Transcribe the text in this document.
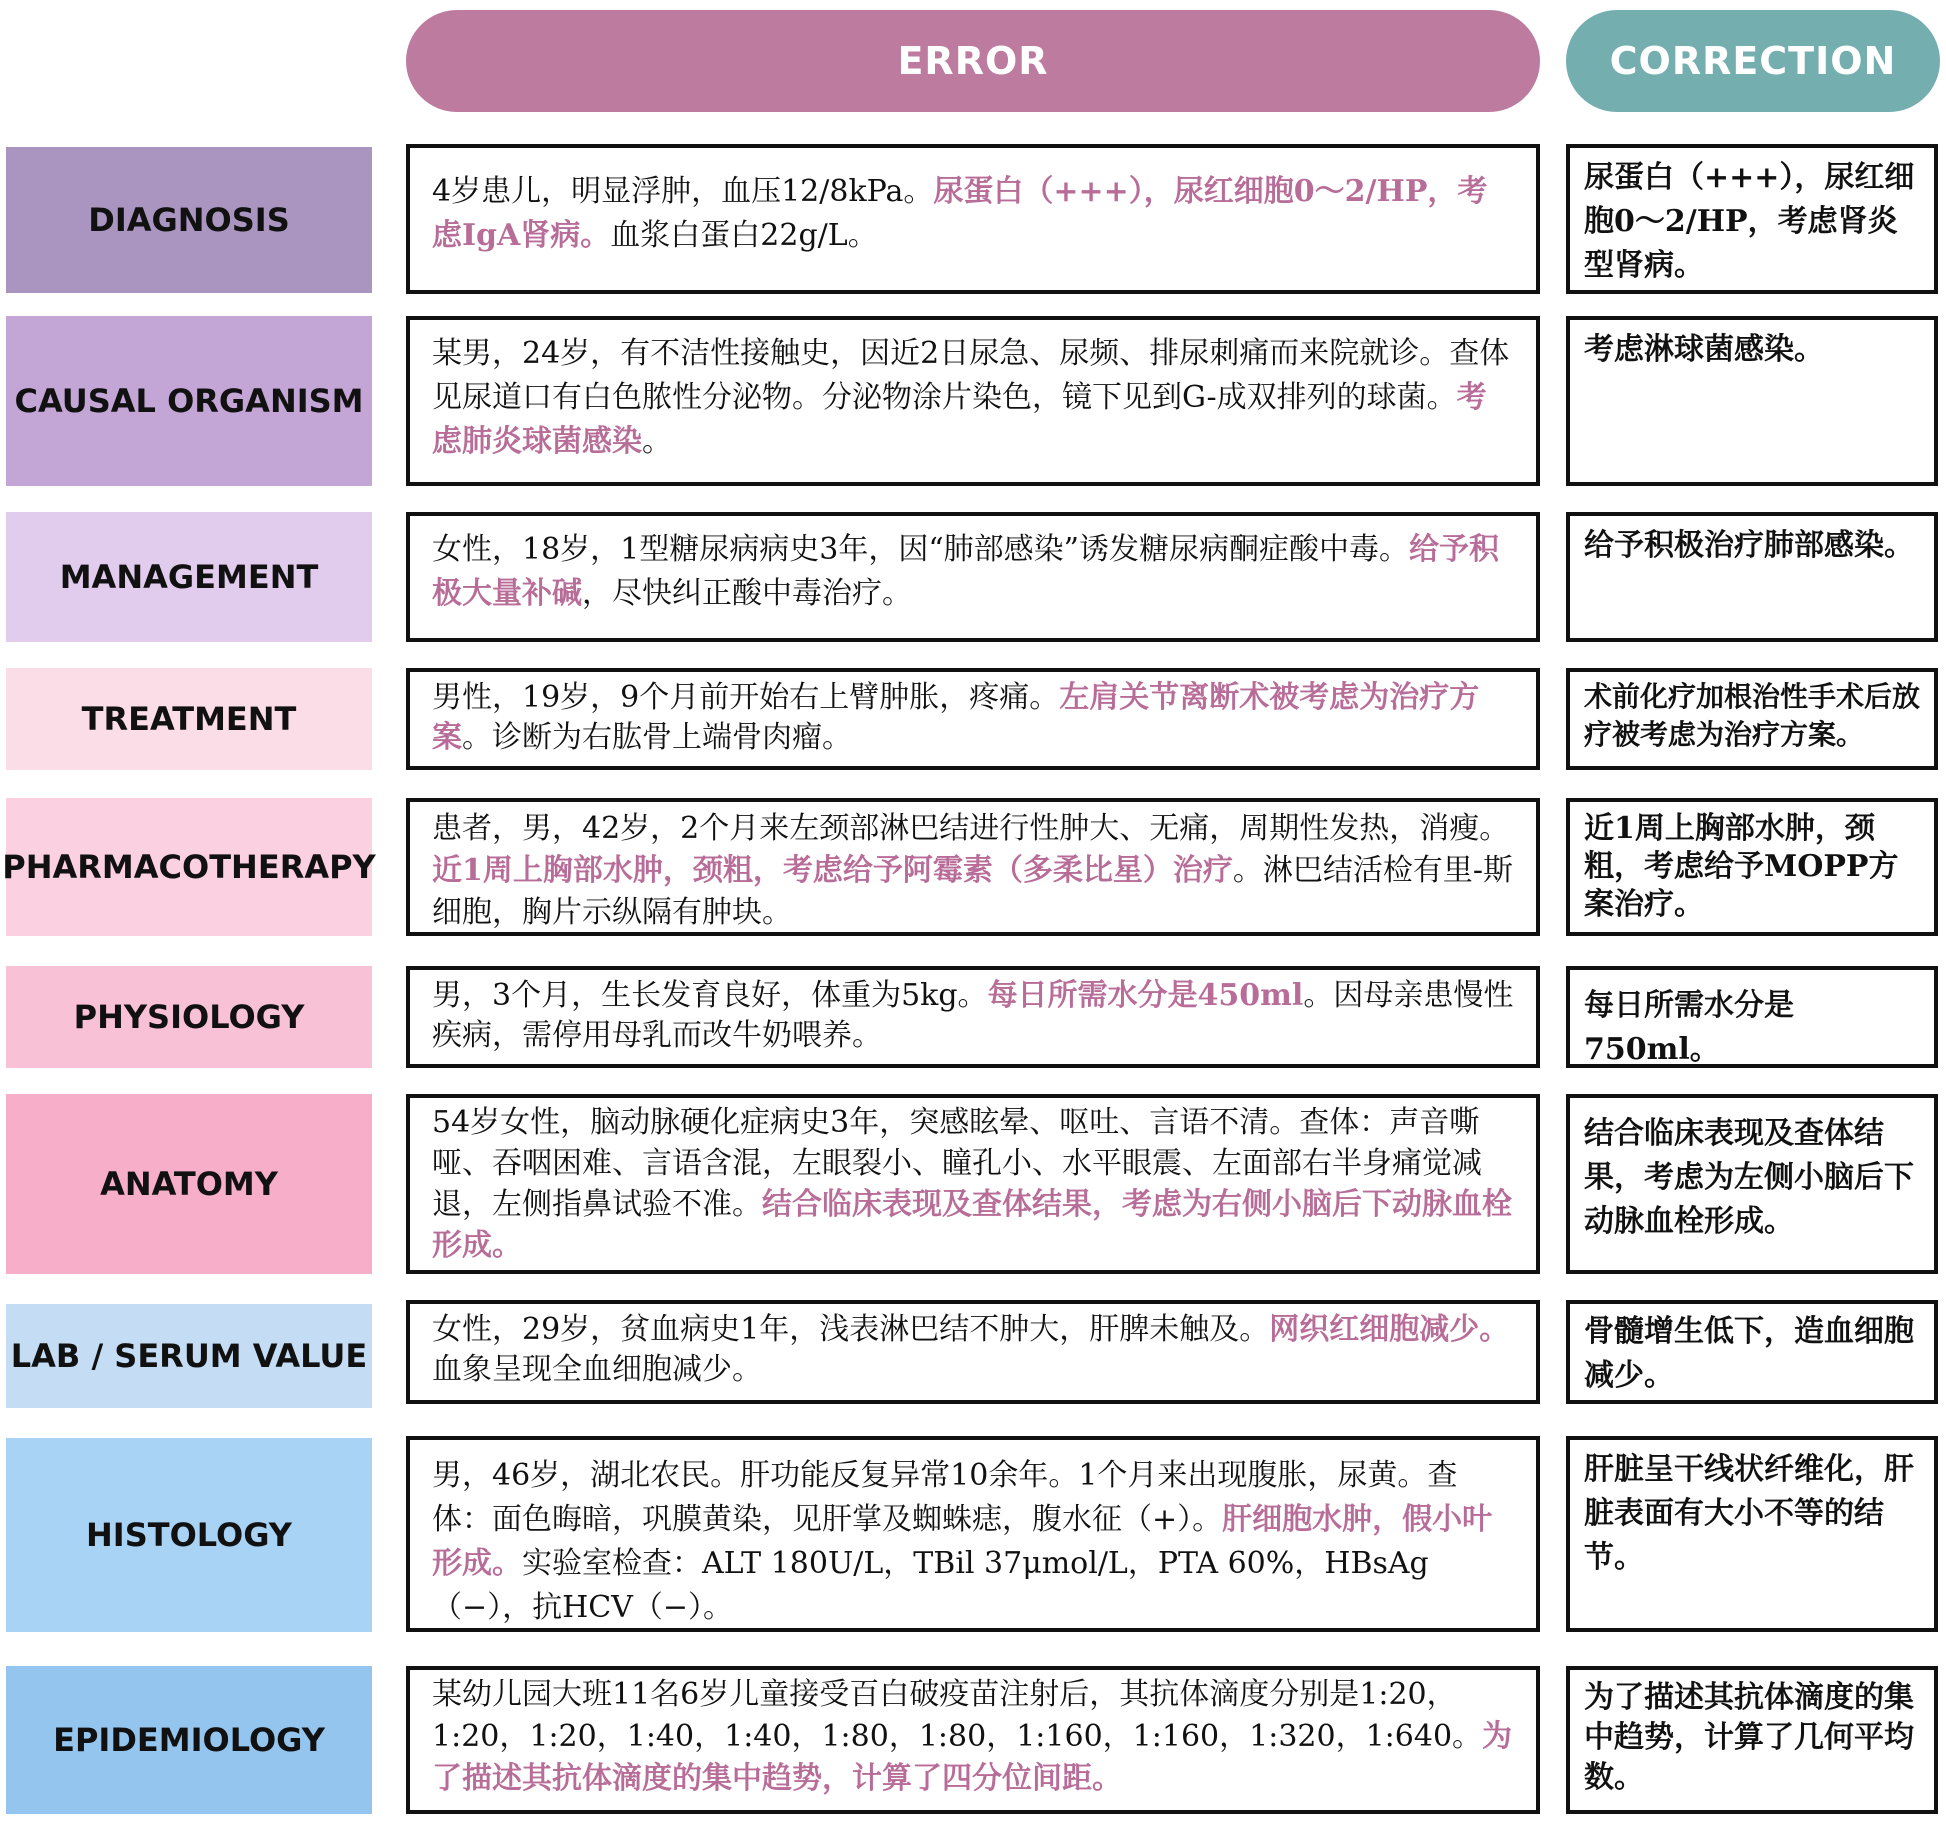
ERROR	CORRECTION
DIAGNOSIS
4岁患儿，明显浮肿，血压12/8kPa。尿蛋白（+++），尿红细胞0～2/HP，考虑IgA肾病。血浆白蛋白22g/L。
尿蛋白（+++），尿红细胞0～2/HP，考虑肾炎型肾病。
CAUSAL ORGANISM
某男，24岁，有不洁性接触史，因近2日尿急、尿频、排尿刺痛而来院就诊。查体见尿道口有白色脓性分泌物。分泌物涂片染色，镜下见到G-成双排列的球菌。考虑肺炎球菌感染。
考虑淋球菌感染。
MANAGEMENT
女性，18岁，1型糖尿病病史3年，因“肺部感染”诱发糖尿病酮症酸中毒。给予积极大量补碱，尽快纠正酸中毒治疗。
给予积极治疗肺部感染。
TREATMENT
男性，19岁，9个月前开始右上臂肿胀，疼痛。左肩关节离断术被考虑为治疗方案。诊断为右肱骨上端骨肉瘤。
术前化疗加根治性手术后放疗被考虑为治疗方案。
PHARMACOTHERAPY
患者，男，42岁，2个月来左颈部淋巴结进行性肿大、无痛，周期性发热，消瘦。近1周上胸部水肿，颈粗，考虑给予阿霉素（多柔比星）治疗。淋巴结活检有里-斯细胞，胸片示纵隔有肿块。
近1周上胸部水肿，颈粗，考虑给予MOPP方案治疗。
PHYSIOLOGY
男，3个月，生长发育良好，体重为5kg。每日所需水分是450ml。因母亲患慢性疾病，需停用母乳而改牛奶喂养。
每日所需水分是750ml。
ANATOMY
54岁女性，脑动脉硬化症病史3年，突感眩晕、呕吐、言语不清。查体：声音嘶哑、吞咽困难、言语含混，左眼裂小、瞳孔小、水平眼震、左面部右半身痛觉减退，左侧指鼻试验不准。结合临床表现及查体结果，考虑为右侧小脑后下动脉血栓形成。
结合临床表现及查体结果，考虑为左侧小脑后下动脉血栓形成。
LAB / SERUM VALUE
女性，29岁，贫血病史1年，浅表淋巴结不肿大，肝脾未触及。网织红细胞减少。血象呈现全血细胞减少。
骨髓增生低下，造血细胞减少。
HISTOLOGY
男，46岁，湖北农民。肝功能反复异常10余年。1个月来出现腹胀，尿黄。查体：面色晦暗，巩膜黄染，见肝掌及蜘蛛痣，腹水征（+）。肝细胞水肿，假小叶形成。实验室检查：ALT 180U/L，TBil 37μmol/L，PTA 60%，HBsAg（−），抗HCV（−）。
肝脏呈干线状纤维化，肝脏表面有大小不等的结节。
EPIDEMIOLOGY
某幼儿园大班11名6岁儿童接受百白破疫苗注射后，其抗体滴度分别是1:20，1:20，1:20，1:40，1:40，1:80，1:80，1:160，1:160，1:320，1:640。为了描述其抗体滴度的集中趋势，计算了四分位间距。
为了描述其抗体滴度的集中趋势，计算了几何平均数。
